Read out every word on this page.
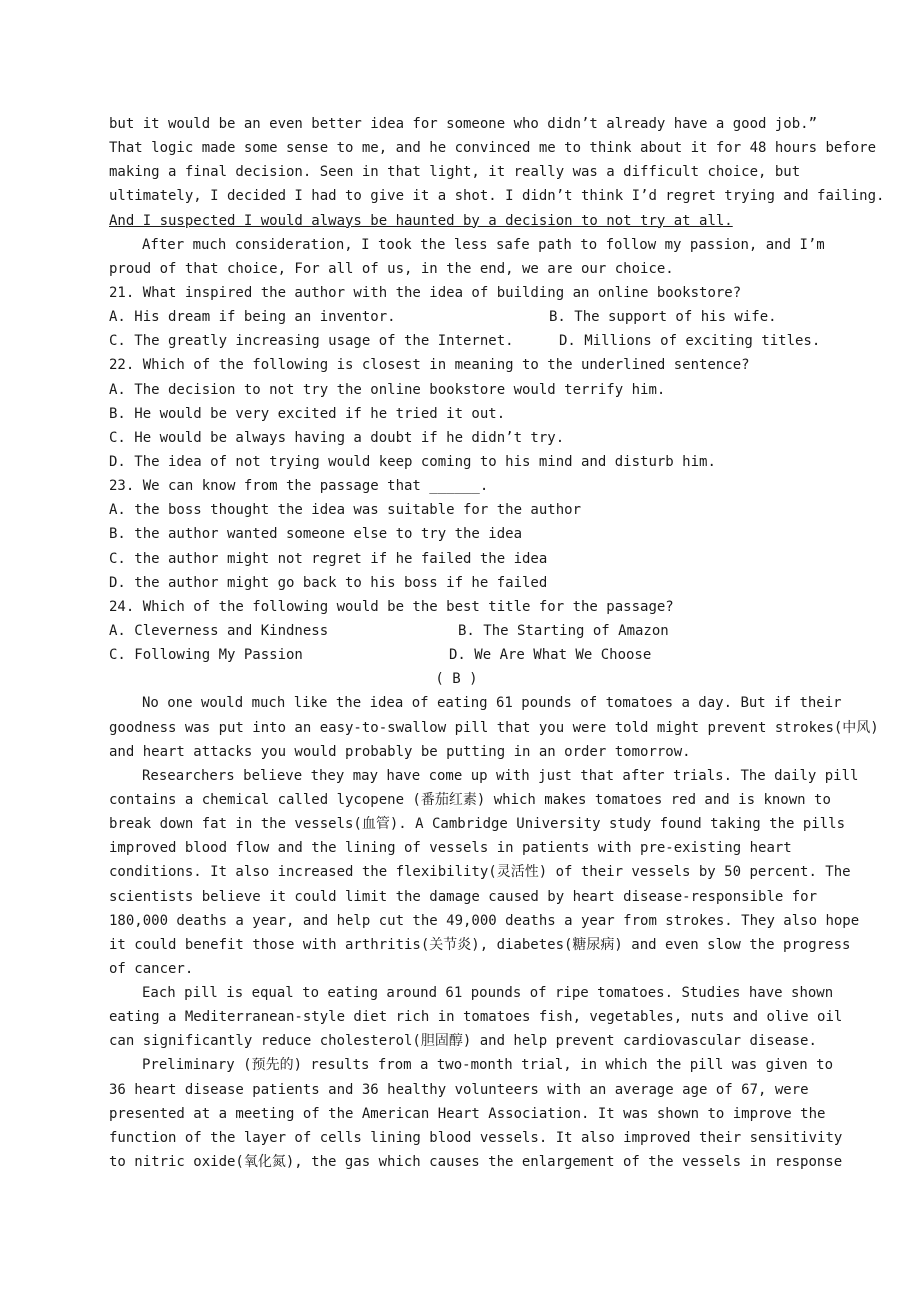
but it would be an even better idea for someone who didn’t already have a good job.”
That logic made some sense to me, and he convinced me to think about it for 48 hours before
making a final decision. Seen in that light, it really was a difficult choice, but
ultimately, I decided I had to give it a shot. I didn’t think I’d regret trying and failing.
And I suspected I would always be haunted by a decision to not try at all.
After much consideration, I took the less safe path to follow my passion, and I’m
proud of that choice, For all of us, in the end, we are our choice.
21. What inspired the author with the idea of building an online bookstore?
A. His dream if being an inventor.	B. The support of his wife.
C. The greatly increasing usage of the Internet.	D. Millions of exciting titles.
22. Which of the following is closest in meaning to the underlined sentence?
A. The decision to not try the online bookstore would terrify him.
B. He would be very excited if he tried it out.
C. He would be always having a doubt if he didn’t try.
D. The idea of not trying would keep coming to his mind and disturb him.
23. We can know from the passage that ______.
A. the boss thought the idea was suitable for the author
B. the author wanted someone else to try the idea
C. the author might not regret if he failed the idea
D. the author might go back to his boss if he failed
24. Which of the following would be the best title for the passage?
A. Cleverness and Kindness	B. The Starting of Amazon
C. Following My Passion	D. We Are What We Choose
( B )
No one would much like the idea of eating 61 pounds of tomatoes a day. But if their
goodness was put into an easy-to-swallow pill that you were told might prevent strokes(中风)
and heart attacks you would probably be putting in an order tomorrow.
Researchers believe they may have come up with just that after trials. The daily pill
contains a chemical called lycopene (番茄红素) which makes tomatoes red and is known to
break down fat in the vessels(血管). A Cambridge University study found taking the pills
improved blood flow and the lining of vessels in patients with pre-existing heart
conditions. It also increased the flexibility(灵活性) of their vessels by 50 percent. The
scientists believe it could limit the damage caused by heart disease-responsible for
180,000 deaths a year, and help cut the 49,000 deaths a year from strokes. They also hope
it could benefit those with arthritis(关节炎), diabetes(糖尿病) and even slow the progress
of cancer.
Each pill is equal to eating around 61 pounds of ripe tomatoes. Studies have shown
eating a Mediterranean-style diet rich in tomatoes fish, vegetables, nuts and olive oil
can significantly reduce cholesterol(胆固醇) and help prevent cardiovascular disease.
Preliminary (预先的) results from a two-month trial, in which the pill was given to
36 heart disease patients and 36 healthy volunteers with an average age of 67, were
presented at a meeting of the American Heart Association. It was shown to improve the
function of the layer of cells lining blood vessels. It also improved their sensitivity
to nitric oxide(氧化氮), the gas which causes the enlargement of the vessels in response
